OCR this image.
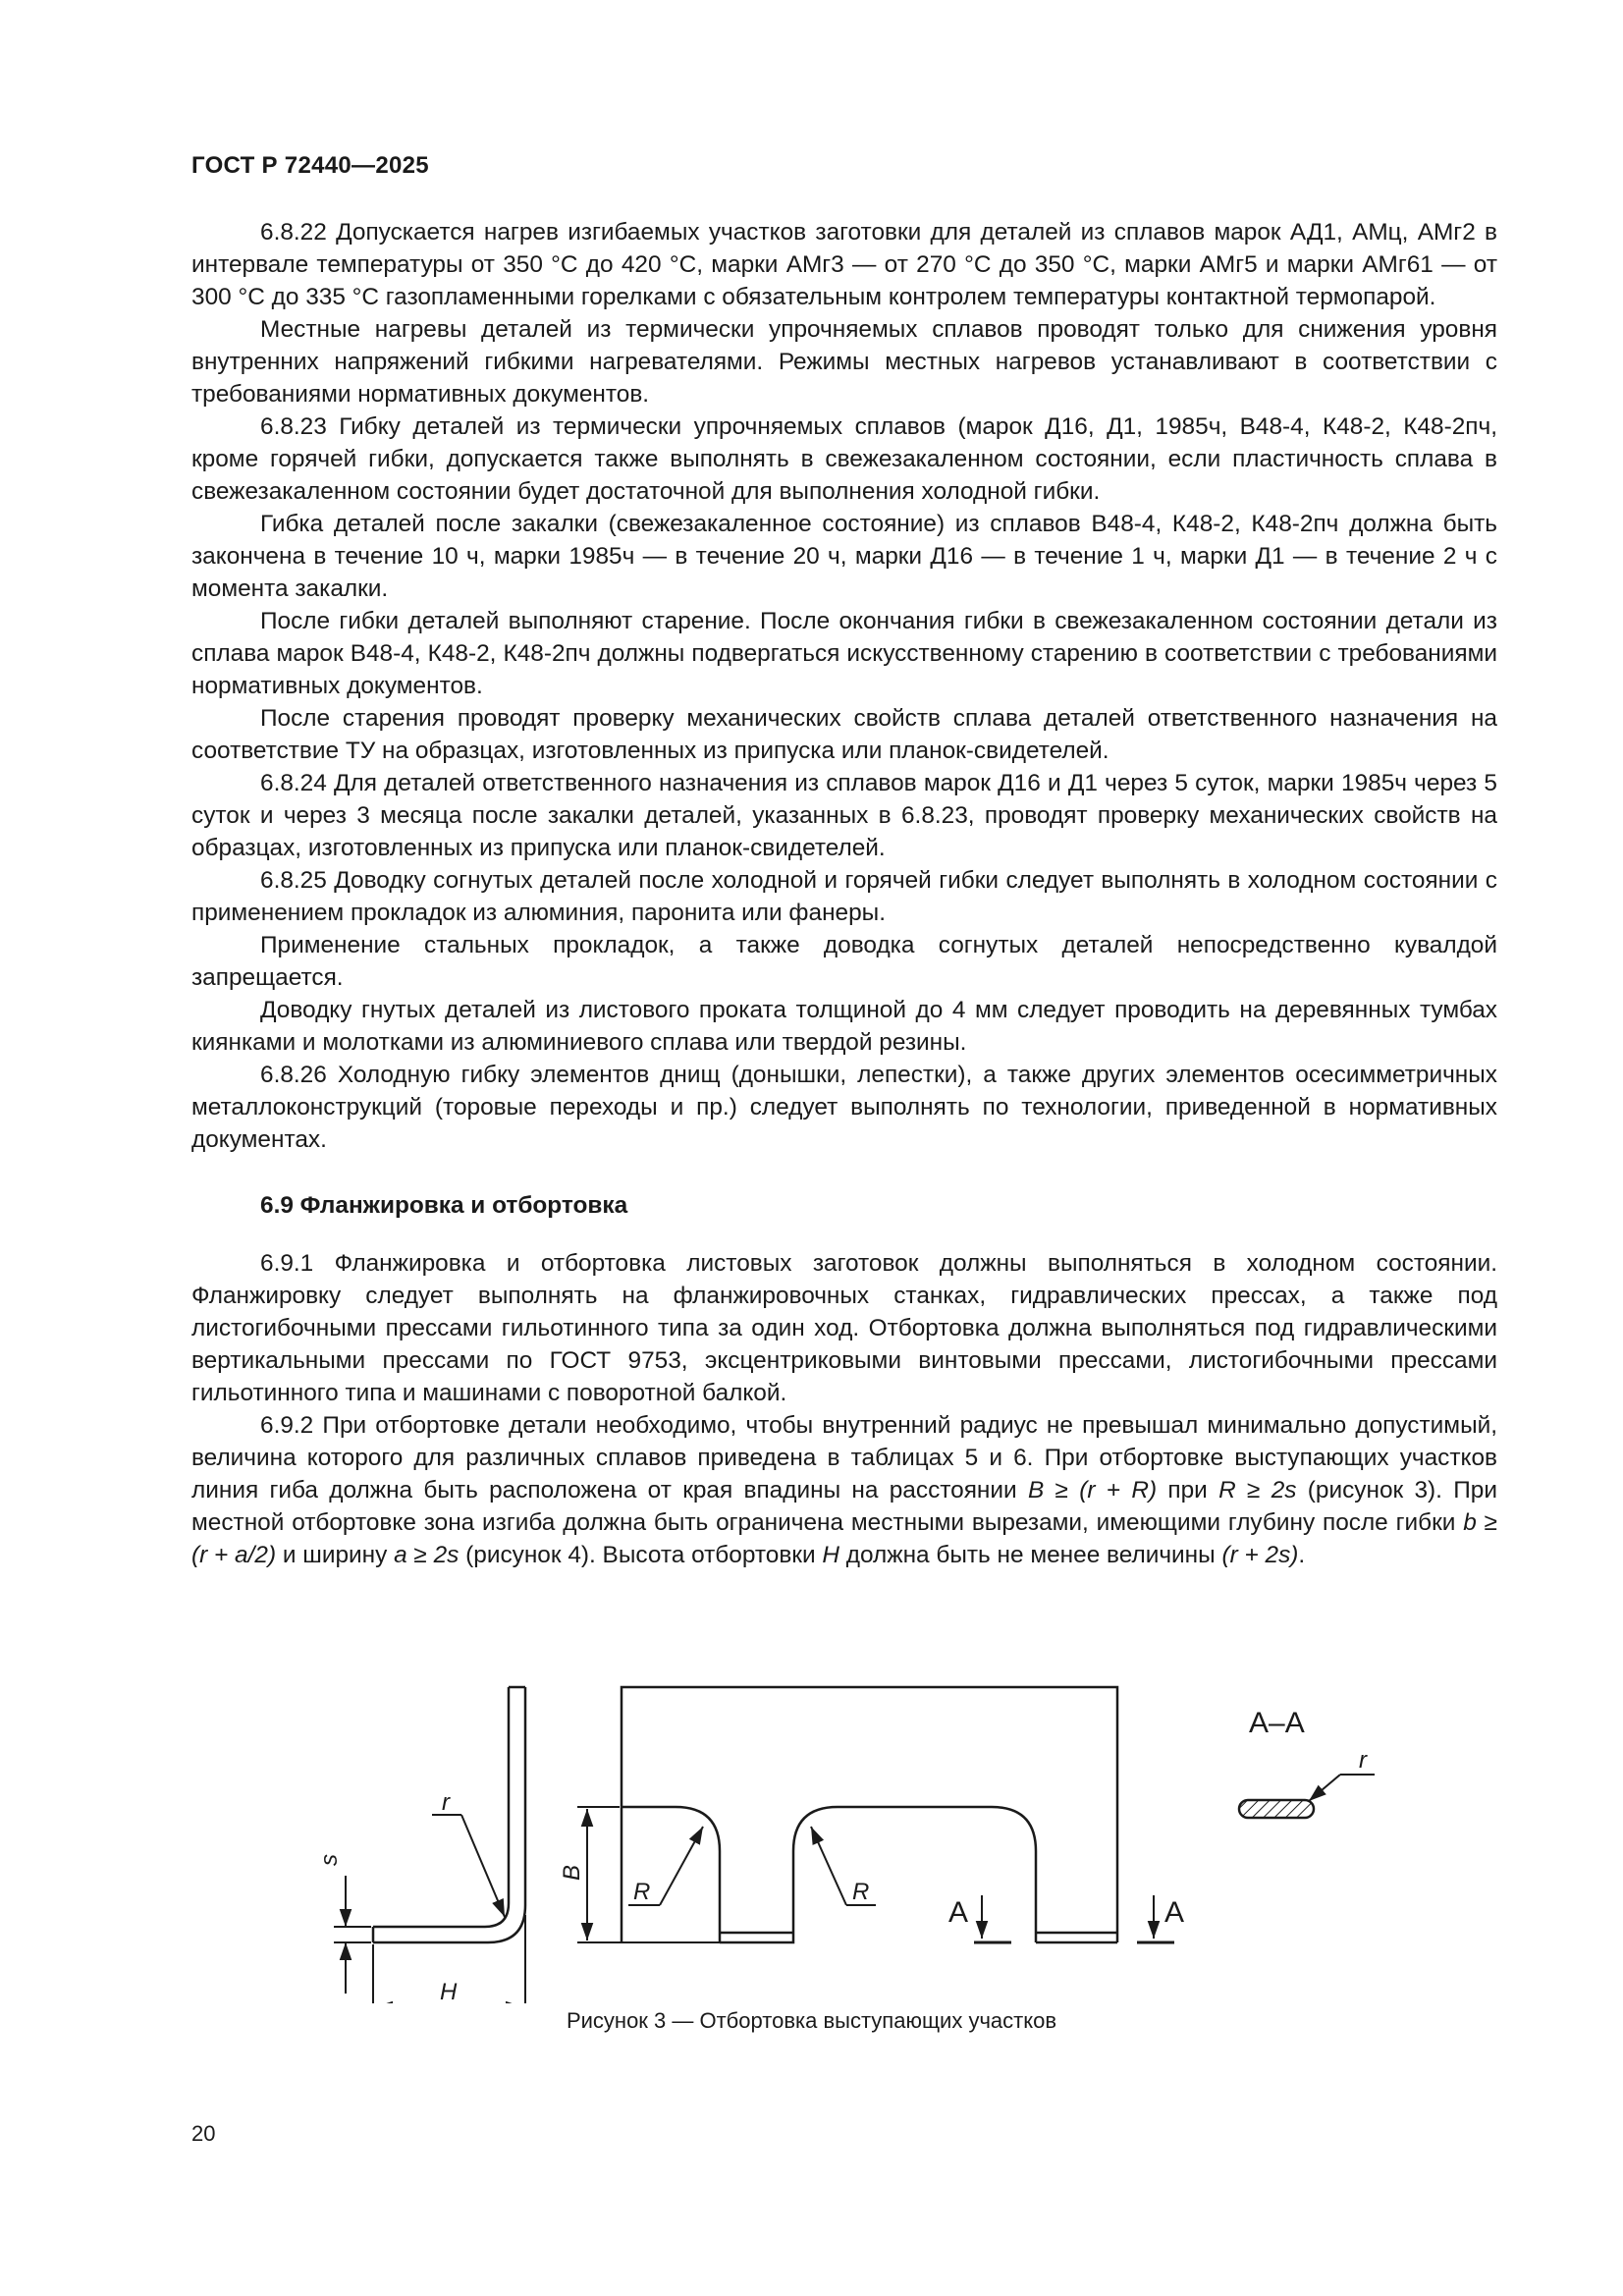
ГОСТ Р 72440—2025

6.8.22 Допускается нагрев изгибаемых участков заготовки для деталей из сплавов марок АД1, АМц, АМг2 в интервале температуры от 350 °С до 420 °С, марки АМг3 — от 270 °С до 350 °С, марки АМг5 и марки АМг61 — от 300 °С до 335 °С газопламенными горелками с обязательным контролем температуры контактной термопарой.

Местные нагревы деталей из термически упрочняемых сплавов проводят только для снижения уровня внутренних напряжений гибкими нагревателями. Режимы местных нагревов устанавливают в соответствии с требованиями нормативных документов.

6.8.23 Гибку деталей из термически упрочняемых сплавов (марок Д16, Д1, 1985ч, В48-4, К48-2, К48-2пч, кроме горячей гибки, допускается также выполнять в свежезакаленном состоянии, если пластичность сплава в свежезакаленном состоянии будет достаточной для выполнения холодной гибки.

Гибка деталей после закалки (свежезакаленное состояние) из сплавов В48-4, К48-2, К48-2пч должна быть закончена в течение 10 ч, марки 1985ч — в течение 20 ч, марки Д16 — в течение 1 ч, марки Д1 — в течение 2 ч с момента закалки.

После гибки деталей выполняют старение. После окончания гибки в свежезакаленном состоянии детали из сплава марок В48-4, К48-2, К48-2пч должны подвергаться искусственному старению в соответствии с требованиями нормативных документов.

После старения проводят проверку механических свойств сплава деталей ответственного назначения на соответствие ТУ на образцах, изготовленных из припуска или планок-свидетелей.

6.8.24 Для деталей ответственного назначения из сплавов марок Д16 и Д1 через 5 суток, марки 1985ч через 5 суток и через 3 месяца после закалки деталей, указанных в 6.8.23, проводят проверку механических свойств на образцах, изготовленных из припуска или планок-свидетелей.

6.8.25 Доводку согнутых деталей после холодной и горячей гибки следует выполнять в холодном состоянии с применением прокладок из алюминия, паронита или фанеры.

Применение стальных прокладок, а также доводка согнутых деталей непосредственно кувалдой запрещается.

Доводку гнутых деталей из листового проката толщиной до 4 мм следует проводить на деревянных тумбах киянками и молотками из алюминиевого сплава или твердой резины.

6.8.26 Холодную гибку элементов днищ (донышки, лепестки), а также других элементов осесимметричных металлоконструкций (торовые переходы и пр.) следует выполнять по технологии, приведенной в нормативных документах.

6.9 Фланжировка и отбортовка

6.9.1 Фланжировка и отбортовка листовых заготовок должны выполняться в холодном состоянии. Фланжировку следует выполнять на фланжировочных станках, гидравлических прессах, а также под листогибочными прессами гильотинного типа за один ход. Отбортовка должна выполняться под гидравлическими вертикальными прессами по ГОСТ 9753, эксцентриковыми винтовыми прессами, листогибочными прессами гильотинного типа и машинами с поворотной балкой.

6.9.2 При отбортовке детали необходимо, чтобы внутренний радиус не превышал минимально допустимый, величина которого для различных сплавов приведена в таблицах 5 и 6. При отбортовке выступающих участков линия гиба должна быть расположена от края впадины на расстоянии B ≥ (r + R) при R ≥ 2s (рисунок 3). При местной отбортовке зона изгиба должна быть ограничена местными вырезами, имеющими глубину после гибки b ≥ (r + a/2) и ширину a ≥ 2s (рисунок 4). Высота отбортовки H должна быть не менее величины (r + 2s).

s
r
H
B
R	R
A	A
А–А
r
Рисунок 3 — Отбортовка выступающих участков
20
